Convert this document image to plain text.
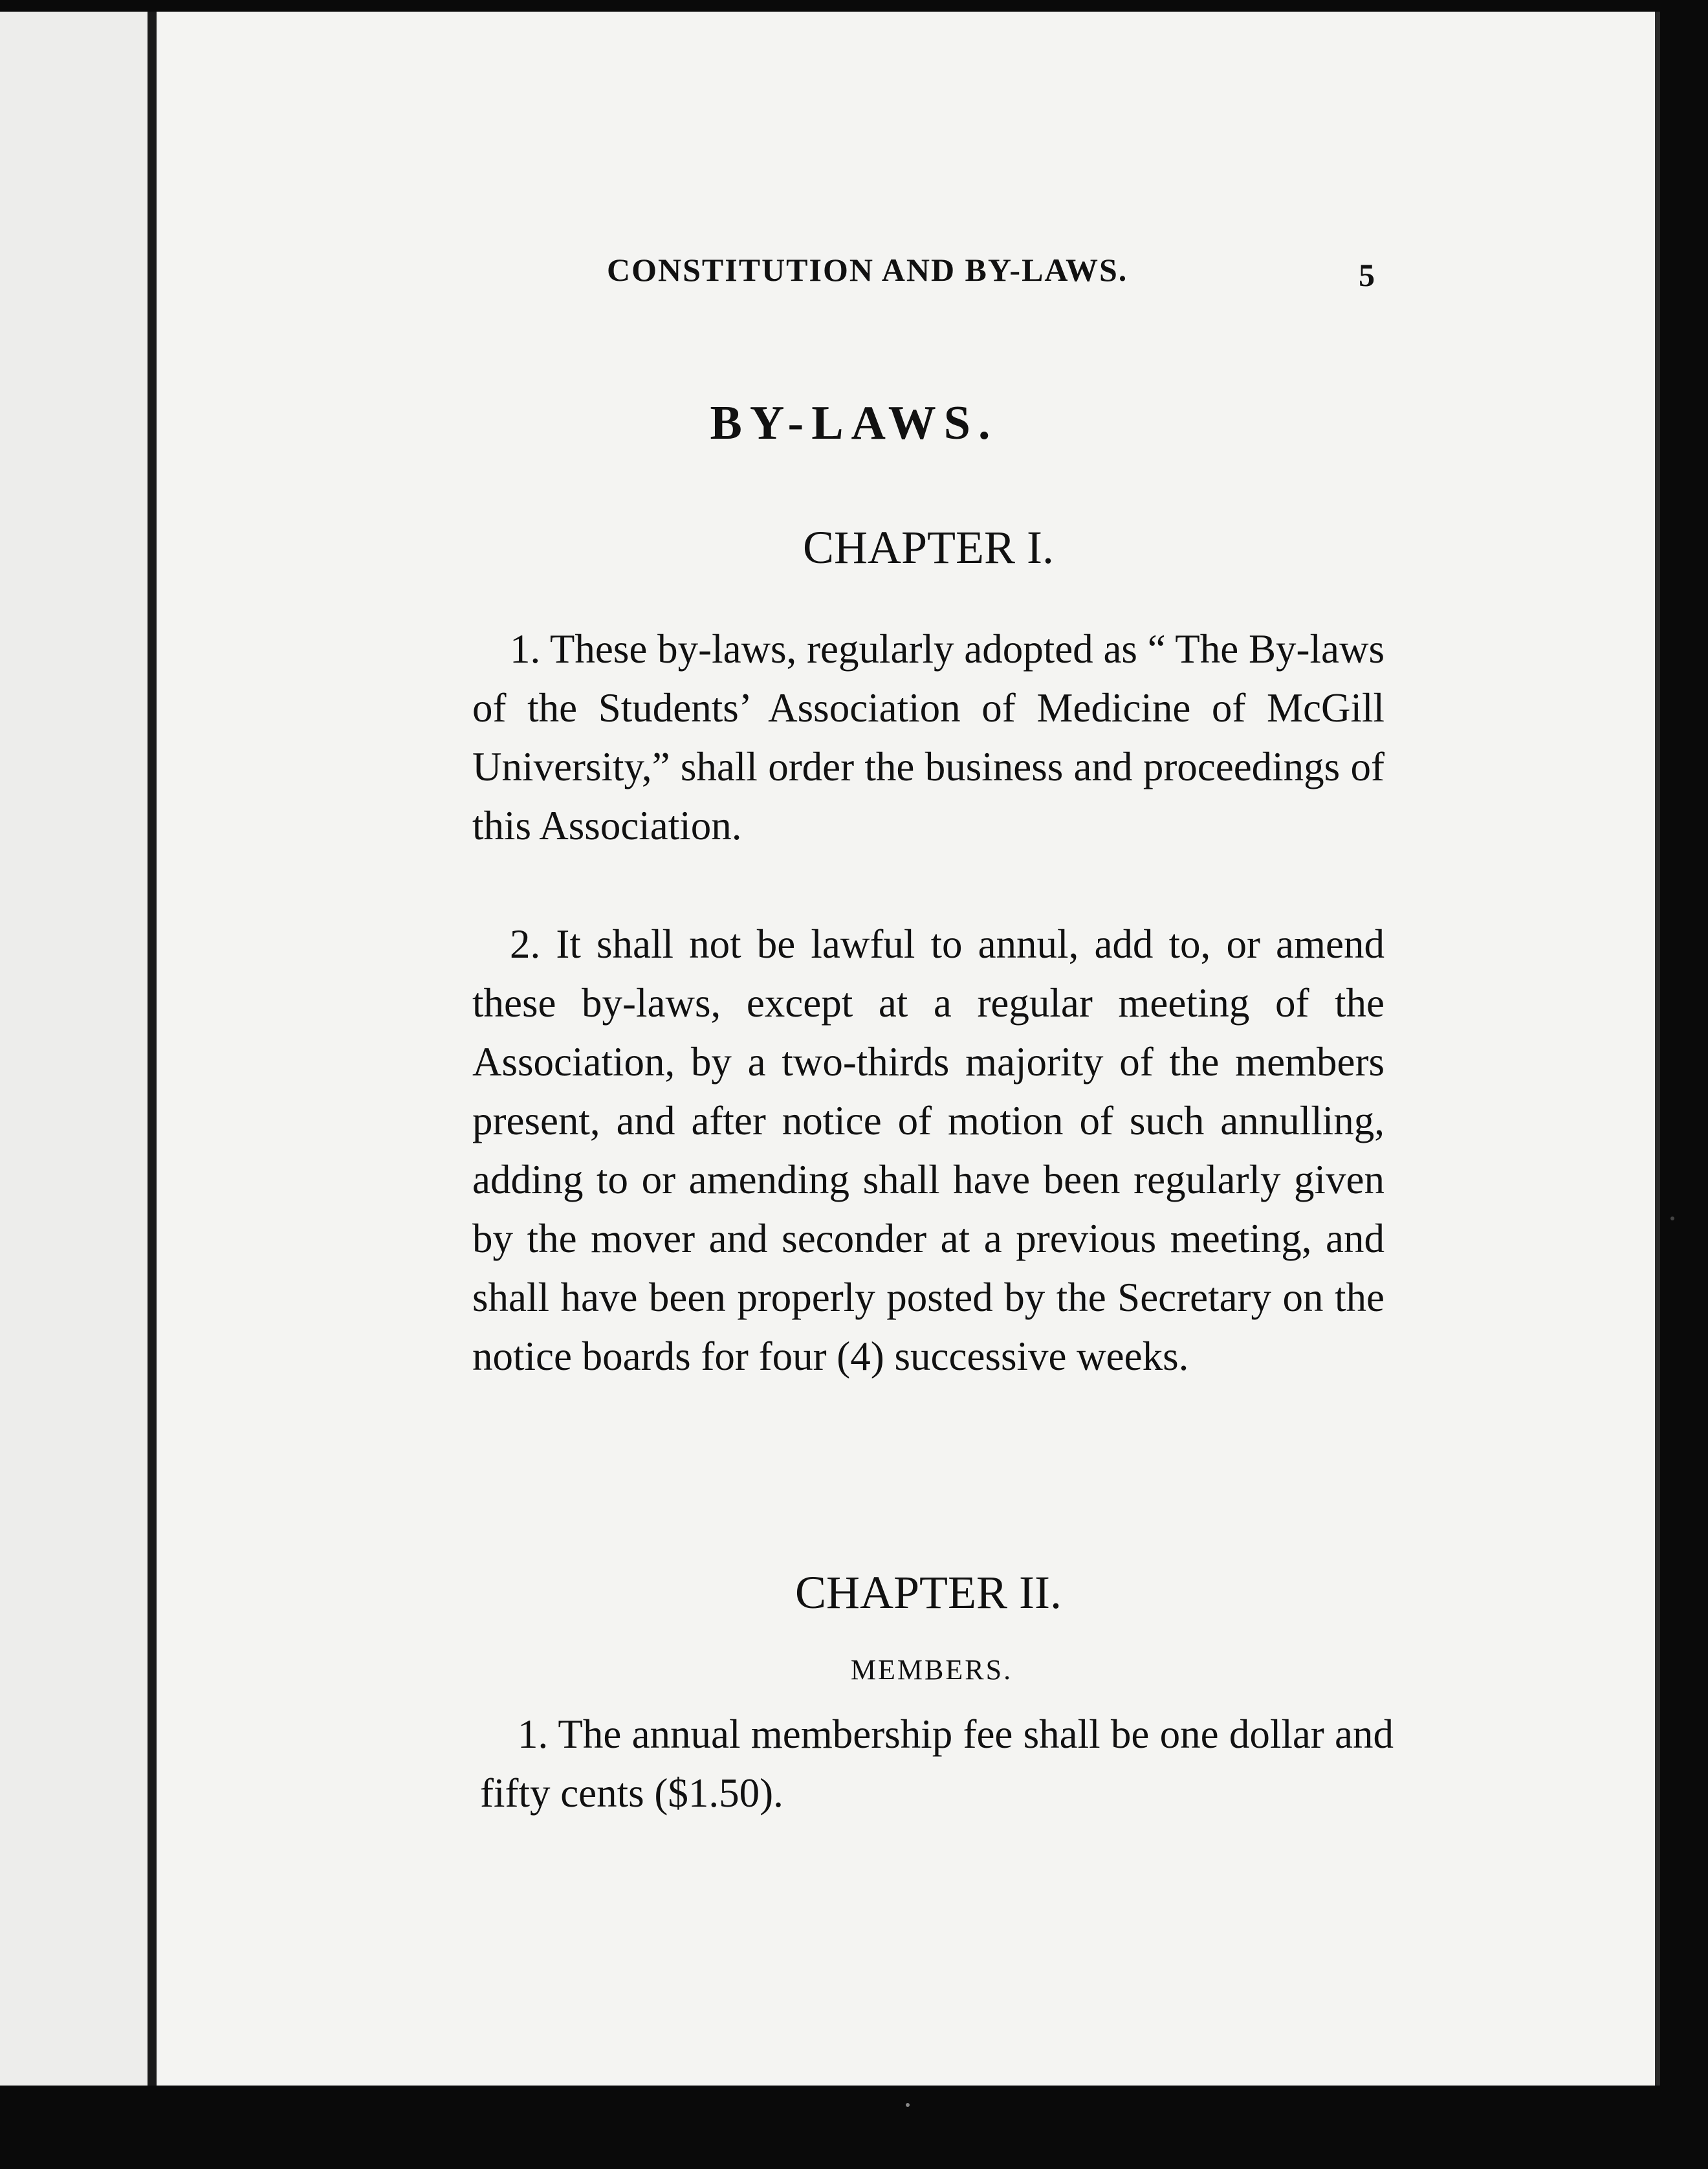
CONSTITUTION AND BY-LAWS.	5
BY-LAWS.
CHAPTER I.

1. These by-laws, regularly adopted as “ The By-laws of the Students’ Association of Medicine of McGill University,” shall order the business and proceedings of this Association.

2. It shall not be lawful to annul, add to, or amend these by-laws, except at a regular meeting of the Association, by a two-thirds majority of the members present, and after notice of motion of such annulling, adding to or amending shall have been regularly given by the mover and seconder at a previous meeting, and shall have been properly posted by the Secretary on the notice boards for four (4) successive weeks.

CHAPTER II.
MEMBERS.

1. The annual membership fee shall be one dollar and fifty cents ($1.50).
